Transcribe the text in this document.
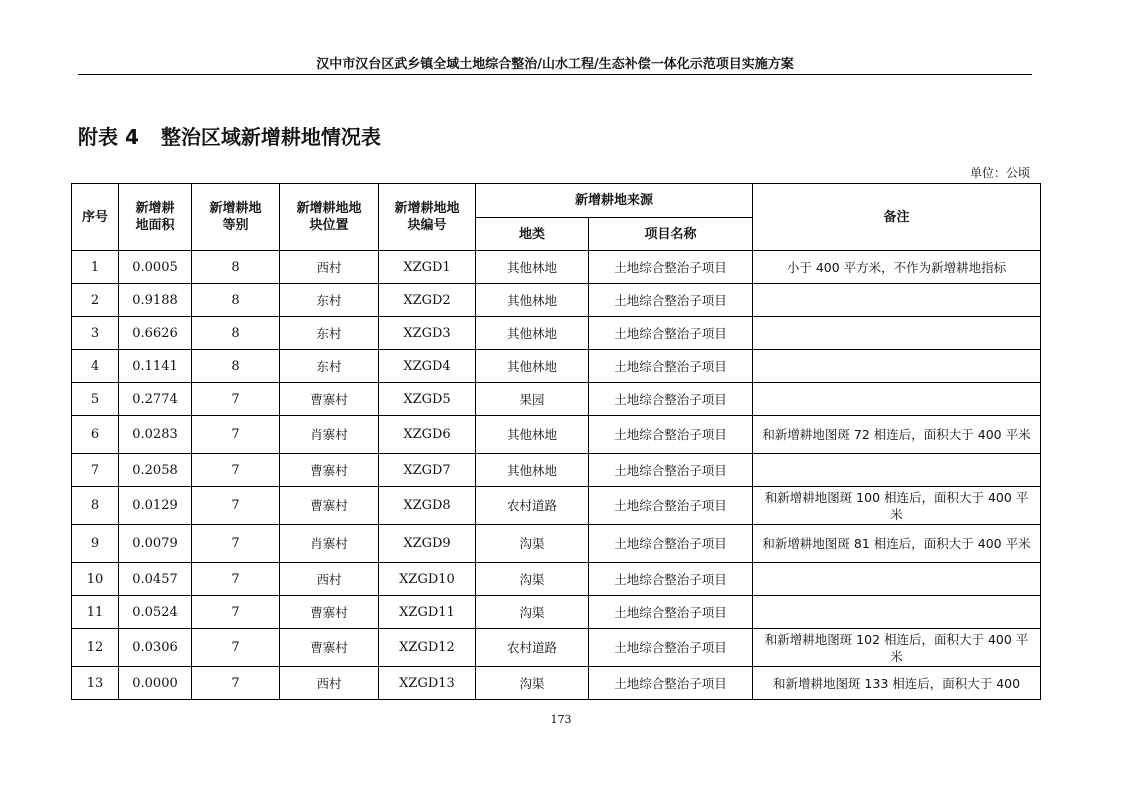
汉中市汉台区武乡镇全域土地综合整治/山水工程/生态补偿一体化示范项目实施方案
附表 4 整治区域新增耕地情况表
单位：公顷
序号	新增耕地面积	新增耕地等别	新增耕地地块位置	新增耕地地块编号	新增耕地来源		备注
					地类	项目名称	
1	0.0005	8	西村	XZGD1	其他林地	土地综合整治子项目	小于 400 平方米，不作为新增耕地指标
2	0.9188	8	东村	XZGD2	其他林地	土地综合整治子项目	
3	0.6626	8	东村	XZGD3	其他林地	土地综合整治子项目	
4	0.1141	8	东村	XZGD4	其他林地	土地综合整治子项目	
5	0.2774	7	曹寨村	XZGD5	果园	土地综合整治子项目	
6	0.0283	7	肖寨村	XZGD6	其他林地	土地综合整治子项目	和新增耕地图斑 72 相连后，面积大于 400 平米
7	0.2058	7	曹寨村	XZGD7	其他林地	土地综合整治子项目	
8	0.0129	7	曹寨村	XZGD8	农村道路	土地综合整治子项目	和新增耕地图斑 100 相连后，面积大于 400 平米
9	0.0079	7	肖寨村	XZGD9	沟渠	土地综合整治子项目	和新增耕地图斑 81 相连后，面积大于 400 平米
10	0.0457	7	西村	XZGD10	沟渠	土地综合整治子项目	
11	0.0524	7	曹寨村	XZGD11	沟渠	土地综合整治子项目	
12	0.0306	7	曹寨村	XZGD12	农村道路	土地综合整治子项目	和新增耕地图斑 102 相连后，面积大于 400 平米
13	0.0000	7	西村	XZGD13	沟渠	土地综合整治子项目	和新增耕地图斑 133 相连后，面积大于 400
173
